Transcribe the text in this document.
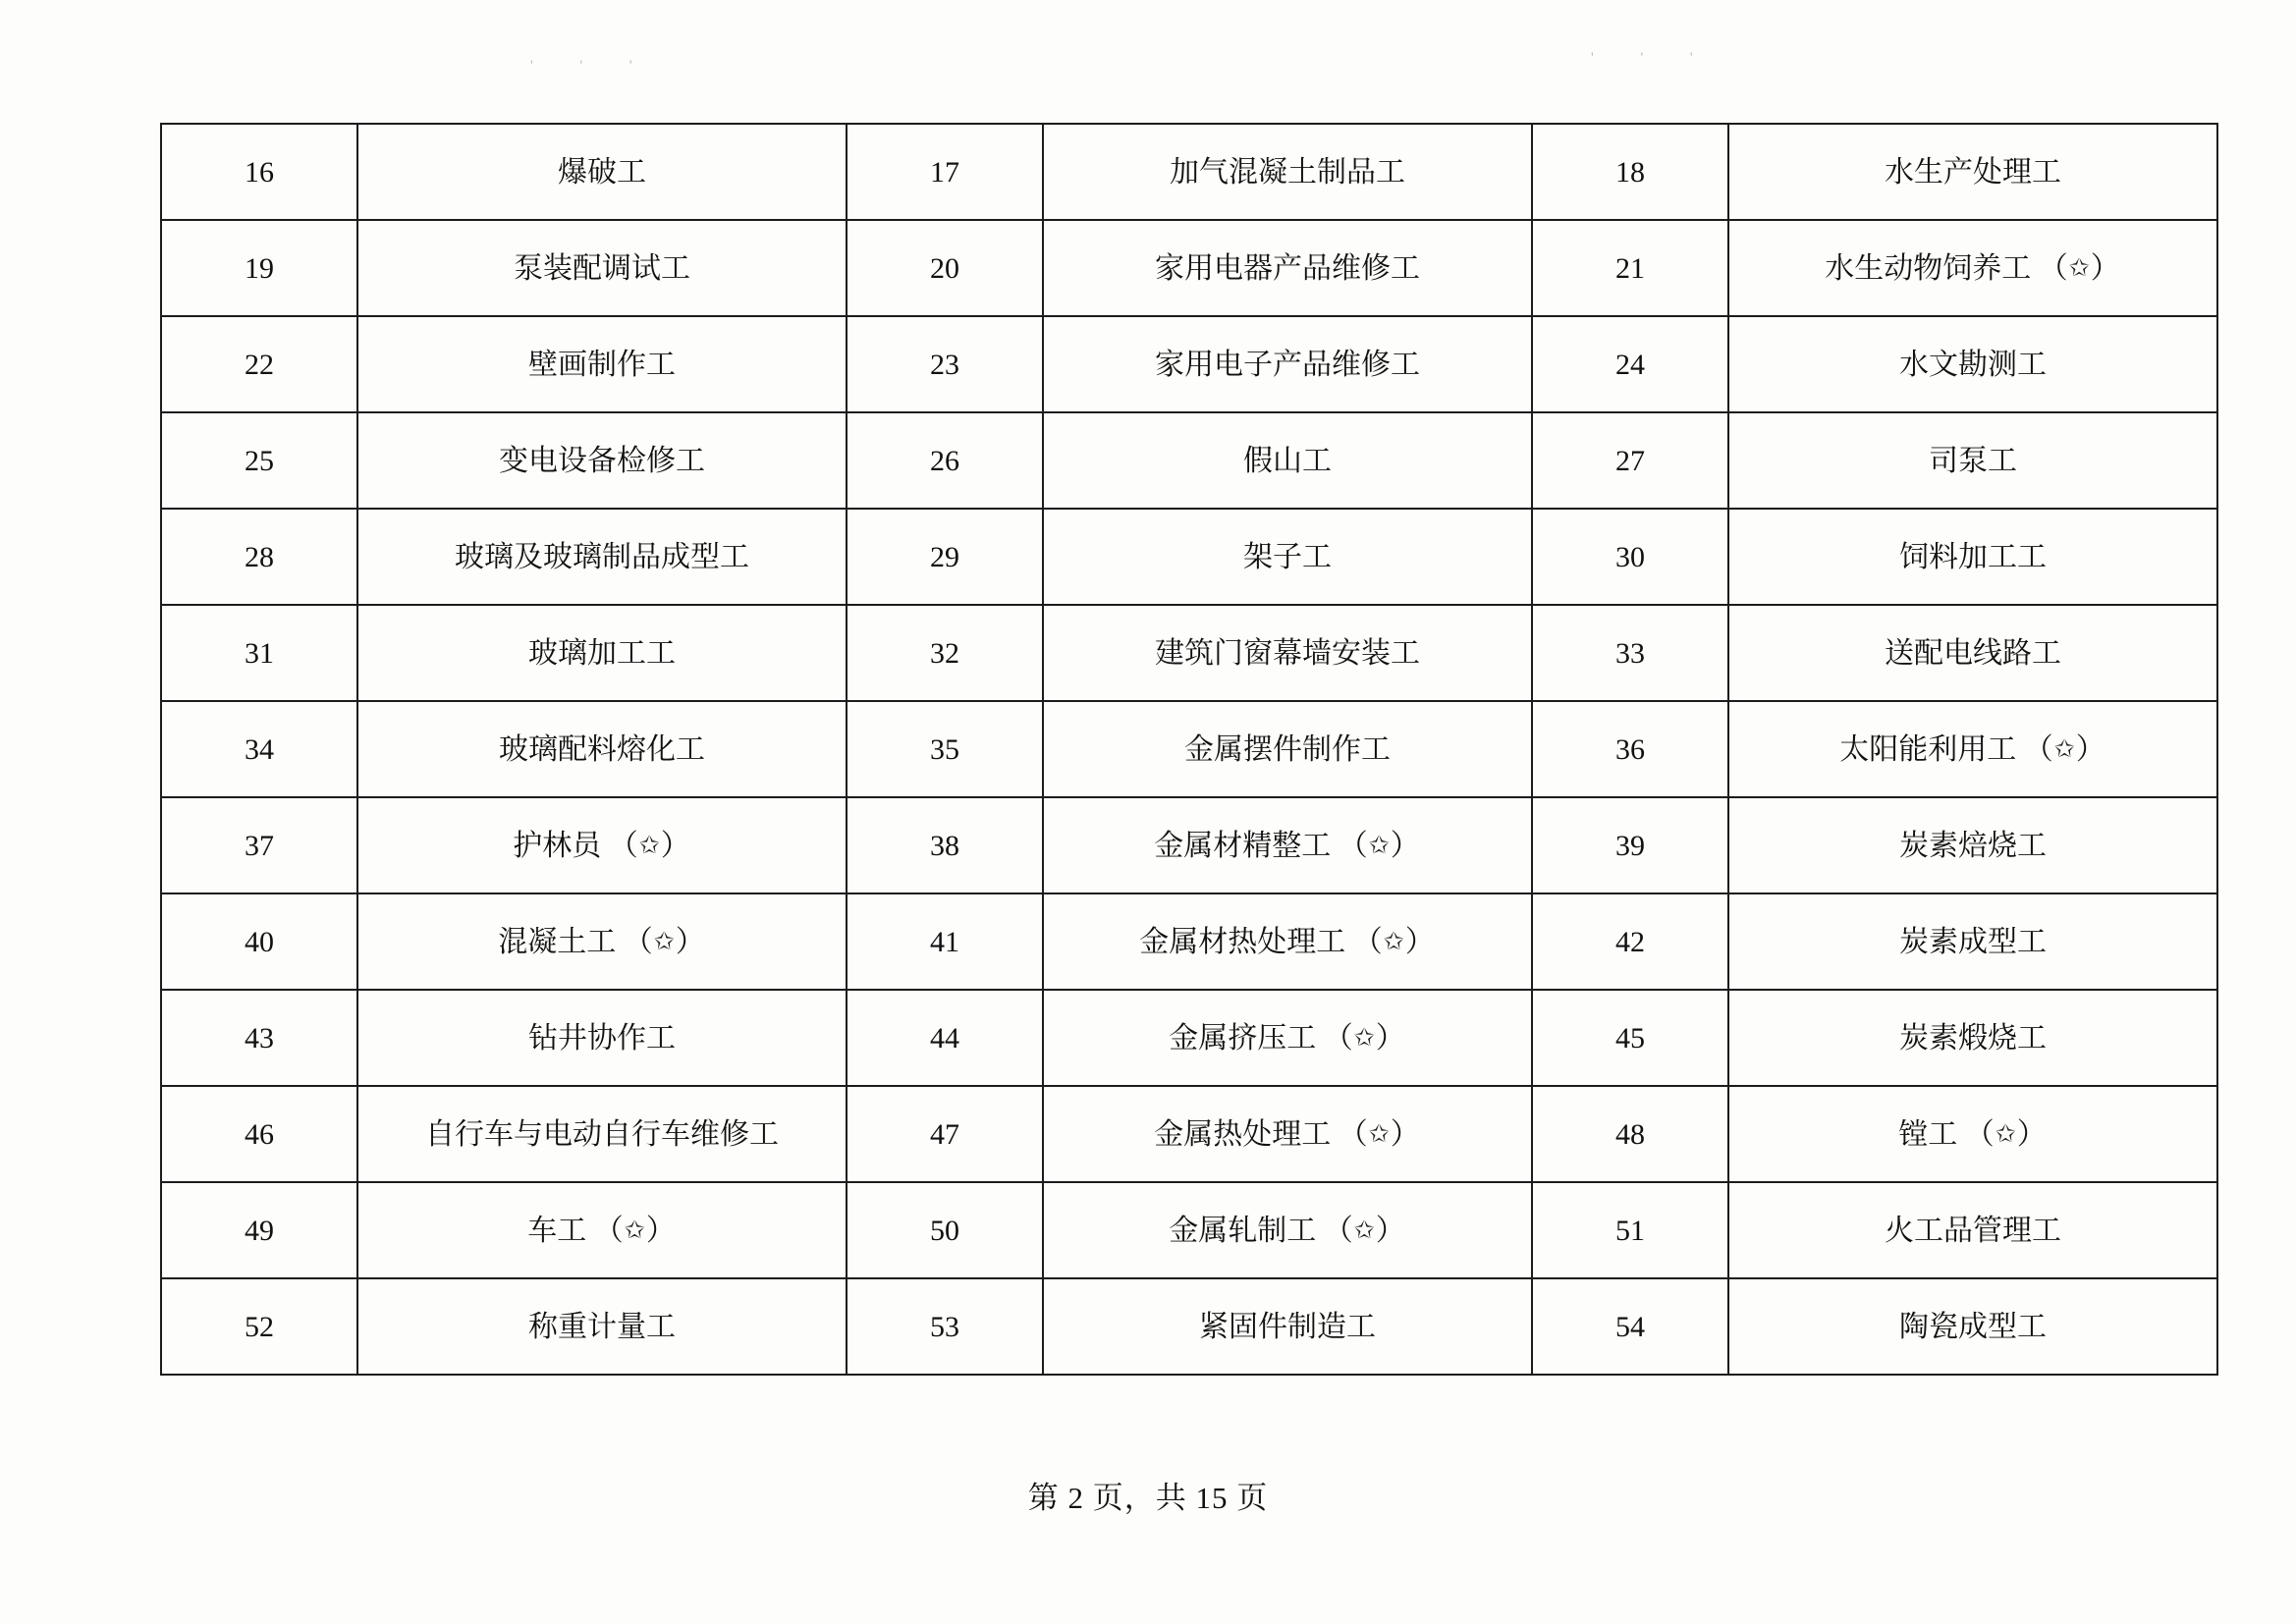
' ' '	' ' '
16	爆破工	17	加气混凝土制品工	18	水生产处理工
19	泵装配调试工	20	家用电器产品维修工	21	水生动物饲养工 （✩）
22	壁画制作工	23	家用电子产品维修工	24	水文勘测工
25	变电设备检修工	26	假山工	27	司泵工
28	玻璃及玻璃制品成型工	29	架子工	30	饲料加工工
31	玻璃加工工	32	建筑门窗幕墙安装工	33	送配电线路工
34	玻璃配料熔化工	35	金属摆件制作工	36	太阳能利用工 （✩）
37	护林员 （✩）	38	金属材精整工 （✩）	39	炭素焙烧工
40	混凝土工 （✩）	41	金属材热处理工 （✩）	42	炭素成型工
43	钻井协作工	44	金属挤压工 （✩）	45	炭素煅烧工
46	自行车与电动自行车维修工	47	金属热处理工 （✩）	48	镗工 （✩）
49	车工 （✩）	50	金属轧制工 （✩）	51	火工品管理工
52	称重计量工	53	紧固件制造工	54	陶瓷成型工
第 2 页，共 15 页
